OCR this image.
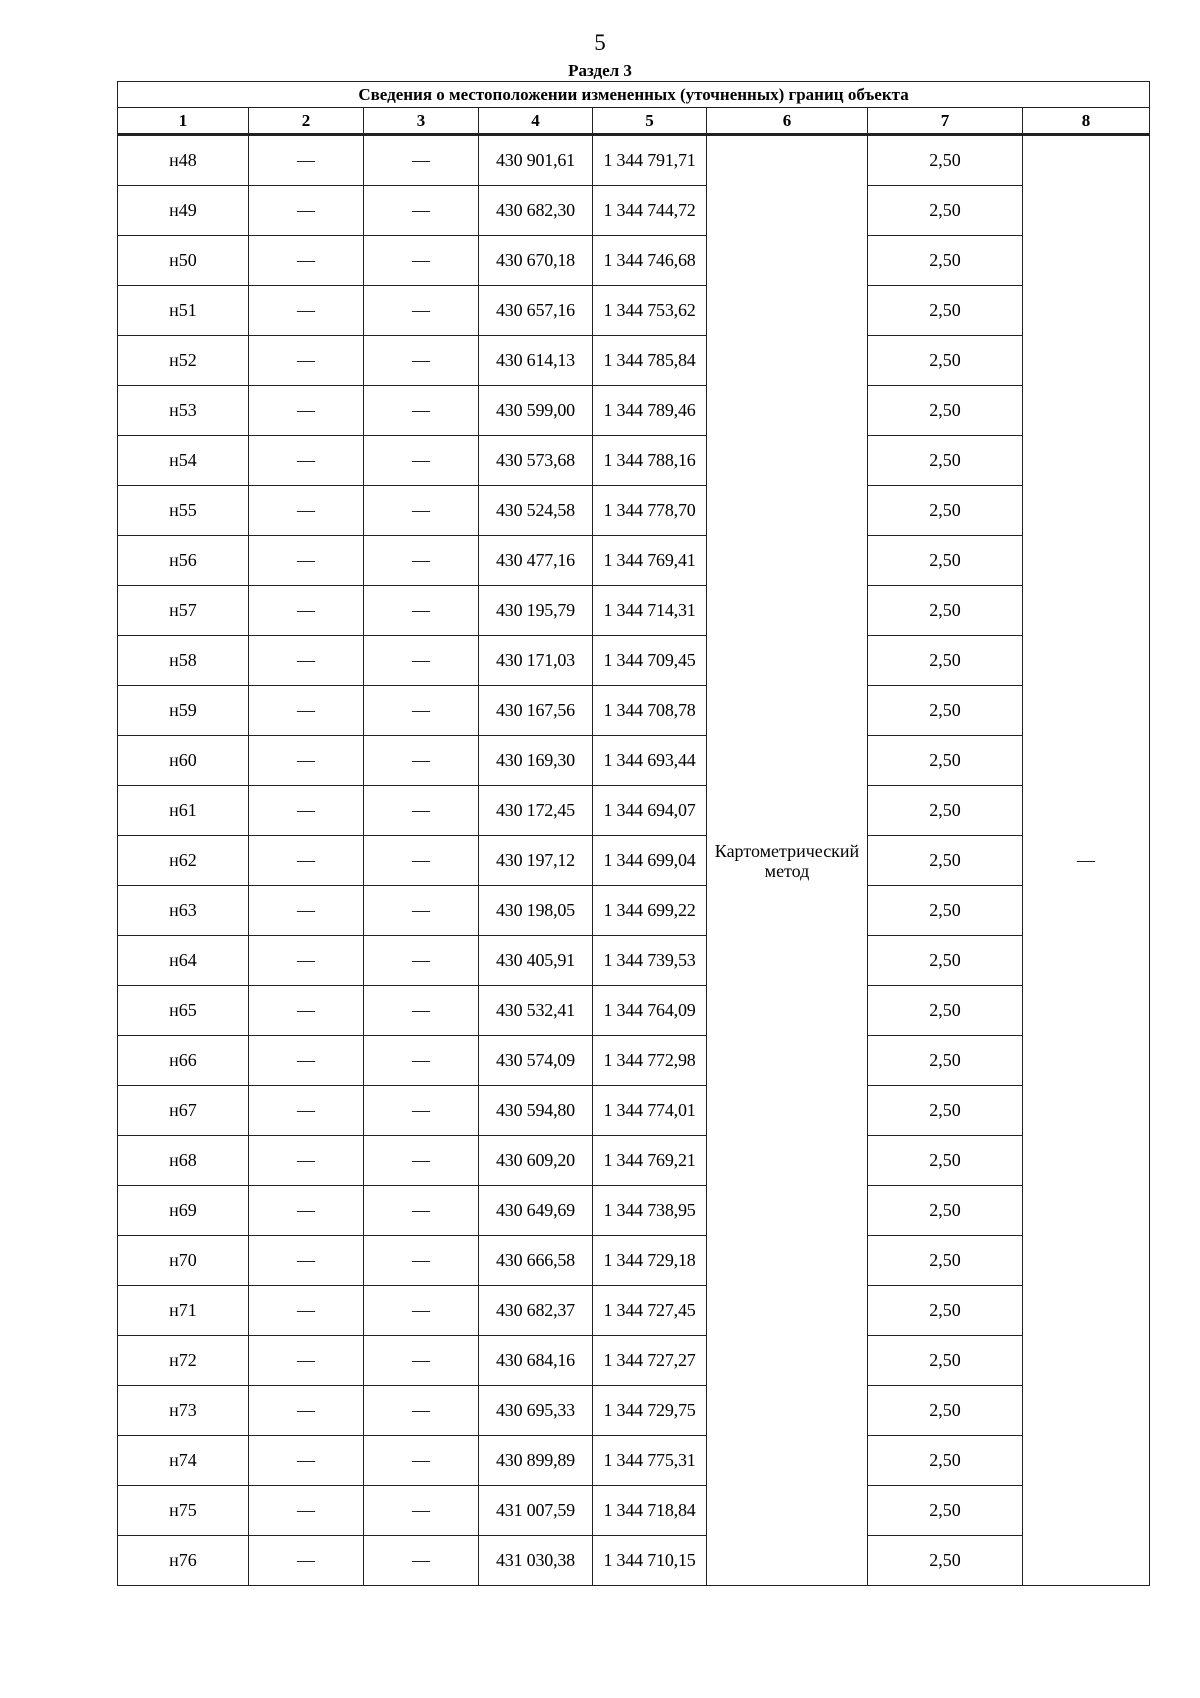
5
Раздел 3
Сведения о местоположении измененных (уточненных) границ объекта							
1	2	3	4	5	6	7	8
н48	—	—	430 901,61	1 344 791,71	Картометрический метод	2,50	—
н49	—	—	430 682,30	1 344 744,72		2,50	
н50	—	—	430 670,18	1 344 746,68		2,50	
н51	—	—	430 657,16	1 344 753,62		2,50	
н52	—	—	430 614,13	1 344 785,84		2,50	
н53	—	—	430 599,00	1 344 789,46		2,50	
н54	—	—	430 573,68	1 344 788,16		2,50	
н55	—	—	430 524,58	1 344 778,70		2,50	
н56	—	—	430 477,16	1 344 769,41		2,50	
н57	—	—	430 195,79	1 344 714,31		2,50	
н58	—	—	430 171,03	1 344 709,45		2,50	
н59	—	—	430 167,56	1 344 708,78		2,50	
н60	—	—	430 169,30	1 344 693,44		2,50	
н61	—	—	430 172,45	1 344 694,07		2,50	
н62	—	—	430 197,12	1 344 699,04		2,50	
н63	—	—	430 198,05	1 344 699,22		2,50	
н64	—	—	430 405,91	1 344 739,53		2,50	
н65	—	—	430 532,41	1 344 764,09		2,50	
н66	—	—	430 574,09	1 344 772,98		2,50	
н67	—	—	430 594,80	1 344 774,01		2,50	
н68	—	—	430 609,20	1 344 769,21		2,50	
н69	—	—	430 649,69	1 344 738,95		2,50	
н70	—	—	430 666,58	1 344 729,18		2,50	
н71	—	—	430 682,37	1 344 727,45		2,50	
н72	—	—	430 684,16	1 344 727,27		2,50	
н73	—	—	430 695,33	1 344 729,75		2,50	
н74	—	—	430 899,89	1 344 775,31		2,50	
н75	—	—	431 007,59	1 344 718,84		2,50	
н76	—	—	431 030,38	1 344 710,15		2,50	
